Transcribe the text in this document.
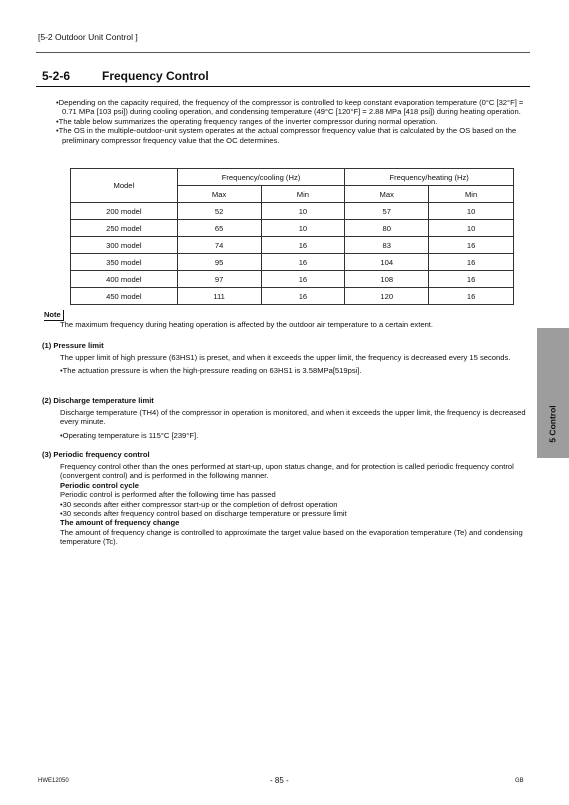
[5-2 Outdoor Unit Control ]
5-2-6	Frequency Control

•Depending on the capacity required, the frequency of the compressor is controlled to keep constant evaporation temperature (0°C [32°F] = 0.71 MPa [103 psi]) during cooling operation, and condensing temperature (49°C [120°F] = 2.88 MPa [418 psi]) during heating operation.

•The table below summarizes the operating frequency ranges of the inverter compressor during normal operation.

•The OS in the multiple-outdoor-unit system operates at the actual compressor frequency value that is calculated by the OS based on the preliminary compressor frequency value that the OC determines.

Model	Frequency/cooling (Hz)		Frequency/heating (Hz)	
	Max	Min	Max	Min
200 model	52	10	57	10
250 model	65	10	80	10
300 model	74	16	83	16
350 model	95	16	104	16
400 model	97	16	108	16
450 model	111	16	120	16
Note
The maximum frequency during heating operation is affected by the outdoor air temperature to a certain extent.
(1) Pressure limit

The upper limit of high pressure (63HS1) is preset, and when it exceeds the upper limit, the frequency is decreased every 15 seconds.

•The actuation pressure is when the high-pressure reading on 63HS1 is 3.58MPa[519psi].

(2) Discharge temperature limit

Discharge temperature (TH4) of the compressor in operation is monitored, and when it exceeds the upper limit, the frequency is decreased every minute.

•Operating temperature is 115°C [239°F].

(3) Periodic frequency control

Frequency control other than the ones performed at start-up, upon status change, and for protection is called periodic frequency control (convergent control) and is performed in the following manner.

Periodic control cycle

Periodic control is performed after the following time has passed

•30 seconds after either compressor start-up or the completion of defrost operation

•30 seconds after frequency control based on discharge temperature or pressure limit

The amount of frequency change

The amount of frequency change is controlled to approximate the target value based on the evaporation temperature (Te) and condensing temperature (Tc).

5 Control
HWE12050	- 85 -	GB
